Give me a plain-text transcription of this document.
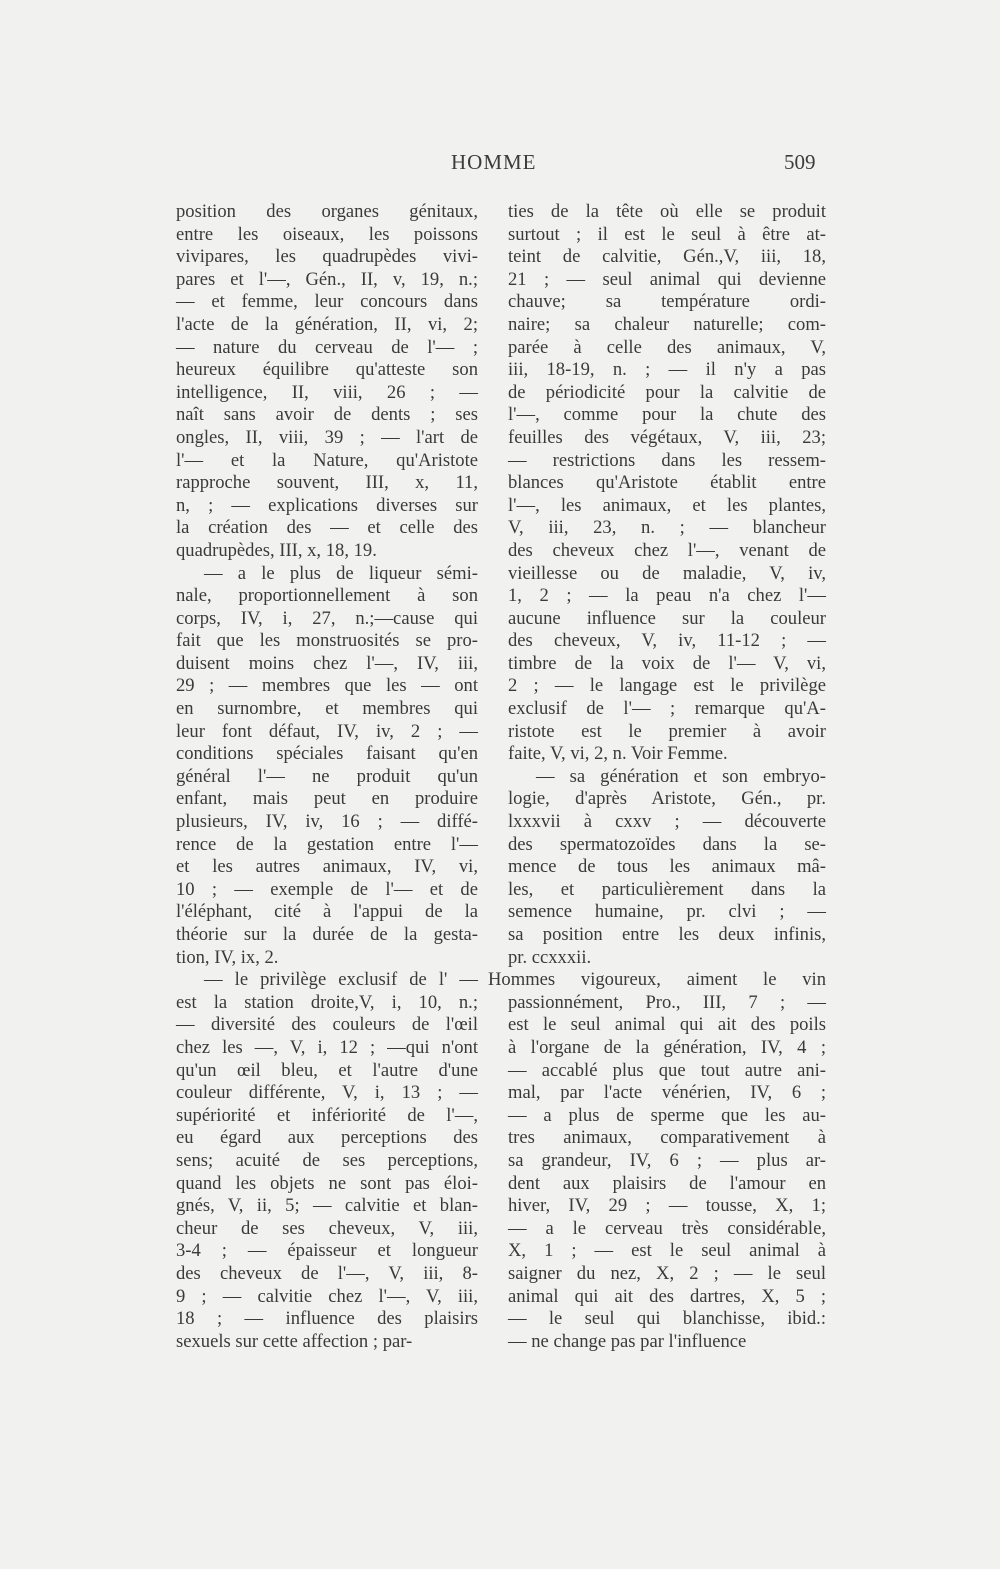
HOMME	509
position des organes génitaux,
entre les oiseaux, les poissons
vivipares, les quadrupèdes vivi-
pares et l'—, Gén., II, v, 19, n.;
— et femme, leur concours dans
l'acte de la génération, II, vi, 2;
— nature du cerveau de l'— ;
heureux équilibre qu'atteste son
intelligence, II, viii, 26 ; —
naît sans avoir de dents ; ses
ongles, II, viii, 39 ; — l'art de
l'— et la Nature, qu'Aristote
rapproche souvent, III, x, 11,
n, ; — explications diverses sur
la création des — et celle des
quadrupèdes, III, x, 18, 19.
— a le plus de liqueur sémi-
nale, proportionnellement à son
corps, IV, i, 27, n.;—cause qui
fait que les monstruosités se pro-
duisent moins chez l'—, IV, iii,
29 ; — membres que les — ont
en surnombre, et membres qui
leur font défaut, IV, iv, 2 ; —
conditions spéciales faisant qu'en
général l'— ne produit qu'un
enfant, mais peut en produire
plusieurs, IV, iv, 16 ; — diffé-
rence de la gestation entre l'—
et les autres animaux, IV, vi,
10 ; — exemple de l'— et de
l'éléphant, cité à l'appui de la
théorie sur la durée de la gesta-
tion, IV, ix, 2.
— le privilège exclusif de l' —
est la station droite,V, i, 10, n.;
— diversité des couleurs de l'œil
chez les —, V, i, 12 ; —qui n'ont
qu'un œil bleu, et l'autre d'une
couleur différente, V, i, 13 ; —
supériorité et infériorité de l'—,
eu égard aux perceptions des
sens; acuité de ses perceptions,
quand les objets ne sont pas éloi-
gnés, V, ii, 5; — calvitie et blan-
cheur de ses cheveux, V, iii,
3-4 ; — épaisseur et longueur
des cheveux de l'—, V, iii, 8-
9 ; — calvitie chez l'—, V, iii,
18 ; — influence des plaisirs
sexuels sur cette affection ; par-
ties de la tête où elle se produit
surtout ; il est le seul à être at-
teint de calvitie, Gén.,V, iii, 18,
21 ; — seul animal qui devienne
chauve; sa température ordi-
naire; sa chaleur naturelle; com-
parée à celle des animaux, V,
iii, 18-19, n. ; — il n'y a pas
de périodicité pour la calvitie de
l'—, comme pour la chute des
feuilles des végétaux, V, iii, 23;
— restrictions dans les ressem-
blances qu'Aristote établit entre
l'—, les animaux, et les plantes,
V, iii, 23, n. ; — blancheur
des cheveux chez l'—, venant de
vieillesse ou de maladie, V, iv,
1, 2 ; — la peau n'a chez l'—
aucune influence sur la couleur
des cheveux, V, iv, 11-12 ; —
timbre de la voix de l'— V, vi,
2 ; — le langage est le privilège
exclusif de l'— ; remarque qu'A-
ristote est le premier à avoir
faite, V, vi, 2, n. Voir Femme.
— sa génération et son embryo-
logie, d'après Aristote, Gén., pr.
lxxxvii à cxxv ; — découverte
des spermatozoïdes dans la se-
mence de tous les animaux mâ-
les, et particulièrement dans la
semence humaine, pr. clvi ; —
sa position entre les deux infinis,
pr. ccxxxii.
Hommes vigoureux, aiment le vin
passionnément, Pro., III, 7 ; —
est le seul animal qui ait des poils
à l'organe de la génération, IV, 4 ;
— accablé plus que tout autre ani-
mal, par l'acte vénérien, IV, 6 ;
— a plus de sperme que les au-
tres animaux, comparativement à
sa grandeur, IV, 6 ; — plus ar-
dent aux plaisirs de l'amour en
hiver, IV, 29 ; — tousse, X, 1;
— a le cerveau très considérable,
X, 1 ; — est le seul animal à
saigner du nez, X, 2 ; — le seul
animal qui ait des dartres, X, 5 ;
— le seul qui blanchisse, ibid.:
— ne change pas par l'influence
